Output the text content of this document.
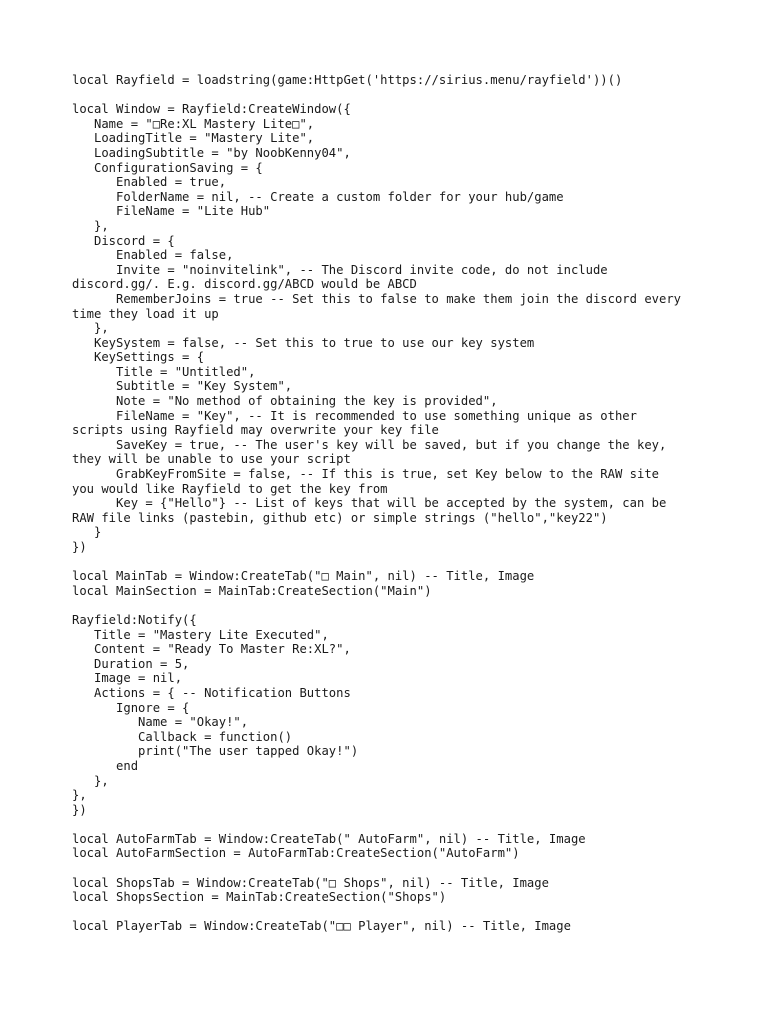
local Rayfield = loadstring(game:HttpGet('https://sirius.menu/rayfield'))()
local Window = Rayfield:CreateWindow({
Name = "□Re:XL Mastery Lite□",
LoadingTitle = "Mastery Lite",
LoadingSubtitle = "by NoobKenny04",
ConfigurationSaving = {
Enabled = true,
FolderName = nil, -- Create a custom folder for your hub/game
FileName = "Lite Hub"
},
Discord = {
Enabled = false,
Invite = "noinvitelink", -- The Discord invite code, do not include
discord.gg/. E.g. discord.gg/ABCD would be ABCD
RememberJoins = true -- Set this to false to make them join the discord every
time they load it up
},
KeySystem = false, -- Set this to true to use our key system
KeySettings = {
Title = "Untitled",
Subtitle = "Key System",
Note = "No method of obtaining the key is provided",
FileName = "Key", -- It is recommended to use something unique as other
scripts using Rayfield may overwrite your key file
SaveKey = true, -- The user's key will be saved, but if you change the key,
they will be unable to use your script
GrabKeyFromSite = false, -- If this is true, set Key below to the RAW site
you would like Rayfield to get the key from
Key = {"Hello"} -- List of keys that will be accepted by the system, can be
RAW file links (pastebin, github etc) or simple strings ("hello","key22")
}
})
local MainTab = Window:CreateTab("□ Main", nil) -- Title, Image
local MainSection = MainTab:CreateSection("Main")
Rayfield:Notify({
Title = "Mastery Lite Executed",
Content = "Ready To Master Re:XL?",
Duration = 5,
Image = nil,
Actions = { -- Notification Buttons
Ignore = {
Name = "Okay!",
Callback = function()
print("The user tapped Okay!")
end
},
},
})
local AutoFarmTab = Window:CreateTab(" AutoFarm", nil) -- Title, Image
local AutoFarmSection = AutoFarmTab:CreateSection("AutoFarm")
local ShopsTab = Window:CreateTab("□ Shops", nil) -- Title, Image
local ShopsSection = MainTab:CreateSection("Shops")
local PlayerTab = Window:CreateTab("□□ Player", nil) -- Title, Image
